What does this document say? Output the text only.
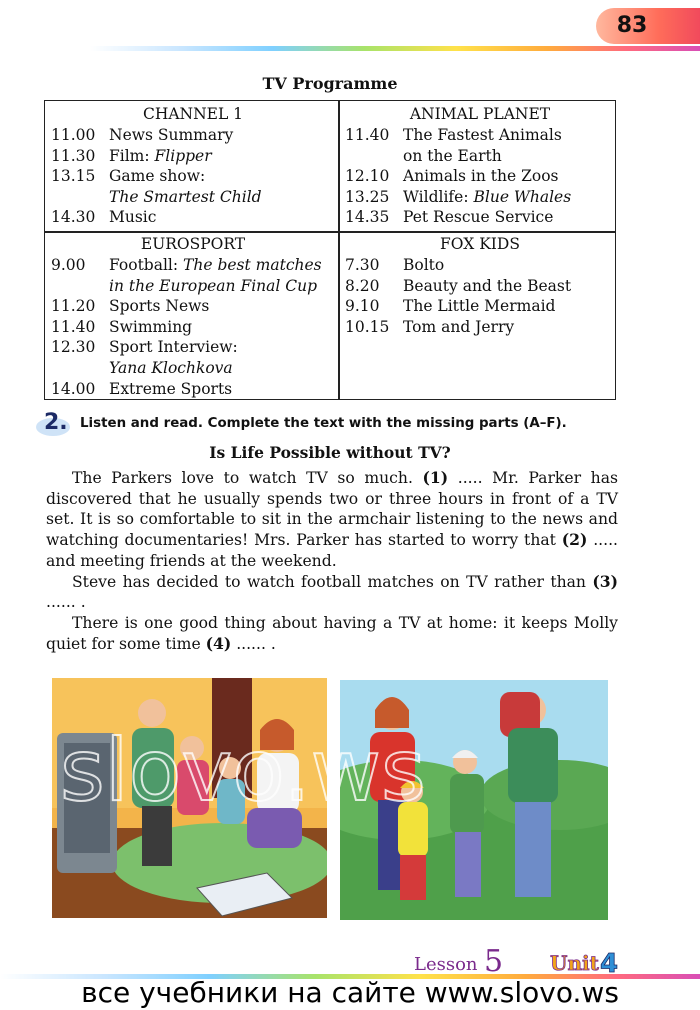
83
TV Programme
CHANNEL 1
11.00 News Summary
11.30 Film: Flipper
13.15 Game show:
The Smartest Child
14.30 Music
ANIMAL PLANET
11.40 The Fastest Animals
on the Earth
12.10 Animals in the Zoos
13.25 Wildlife: Blue Whales
14.35 Pet Rescue Service
EUROSPORT
9.00	Football: The best matches
in the European Final Cup
11.20 Sports News
11.40 Swimming
12.30 Sport Interview:
Yana Klochkova
14.00 Extreme Sports
FOX KIDS
7.30	Bolto
8.20	Beauty and the Beast
9.10	The Little Mermaid
10.15 Tom and Jerry
2. Listen and read. Complete the text with the missing parts (A–F).
Is Life Possible without TV?

The Parkers love to watch TV so much. (1) ..... Mr. Parker has discovered that he usually spends two or three hours in front of a TV set. It is so comfortable to sit in the armchair listening to the news and watching documentaries! Mrs. Parker has started to worry that (2) ..... and meeting friends at the weekend.

Steve has decided to watch football matches on TV rather than (3) ...... .

There is one good thing about having a TV at home: it keeps Molly quiet for some time (4) ...... .

slovo.ws
Lesson 5 Unit 4
все учебники на сайте www.slovo.ws
